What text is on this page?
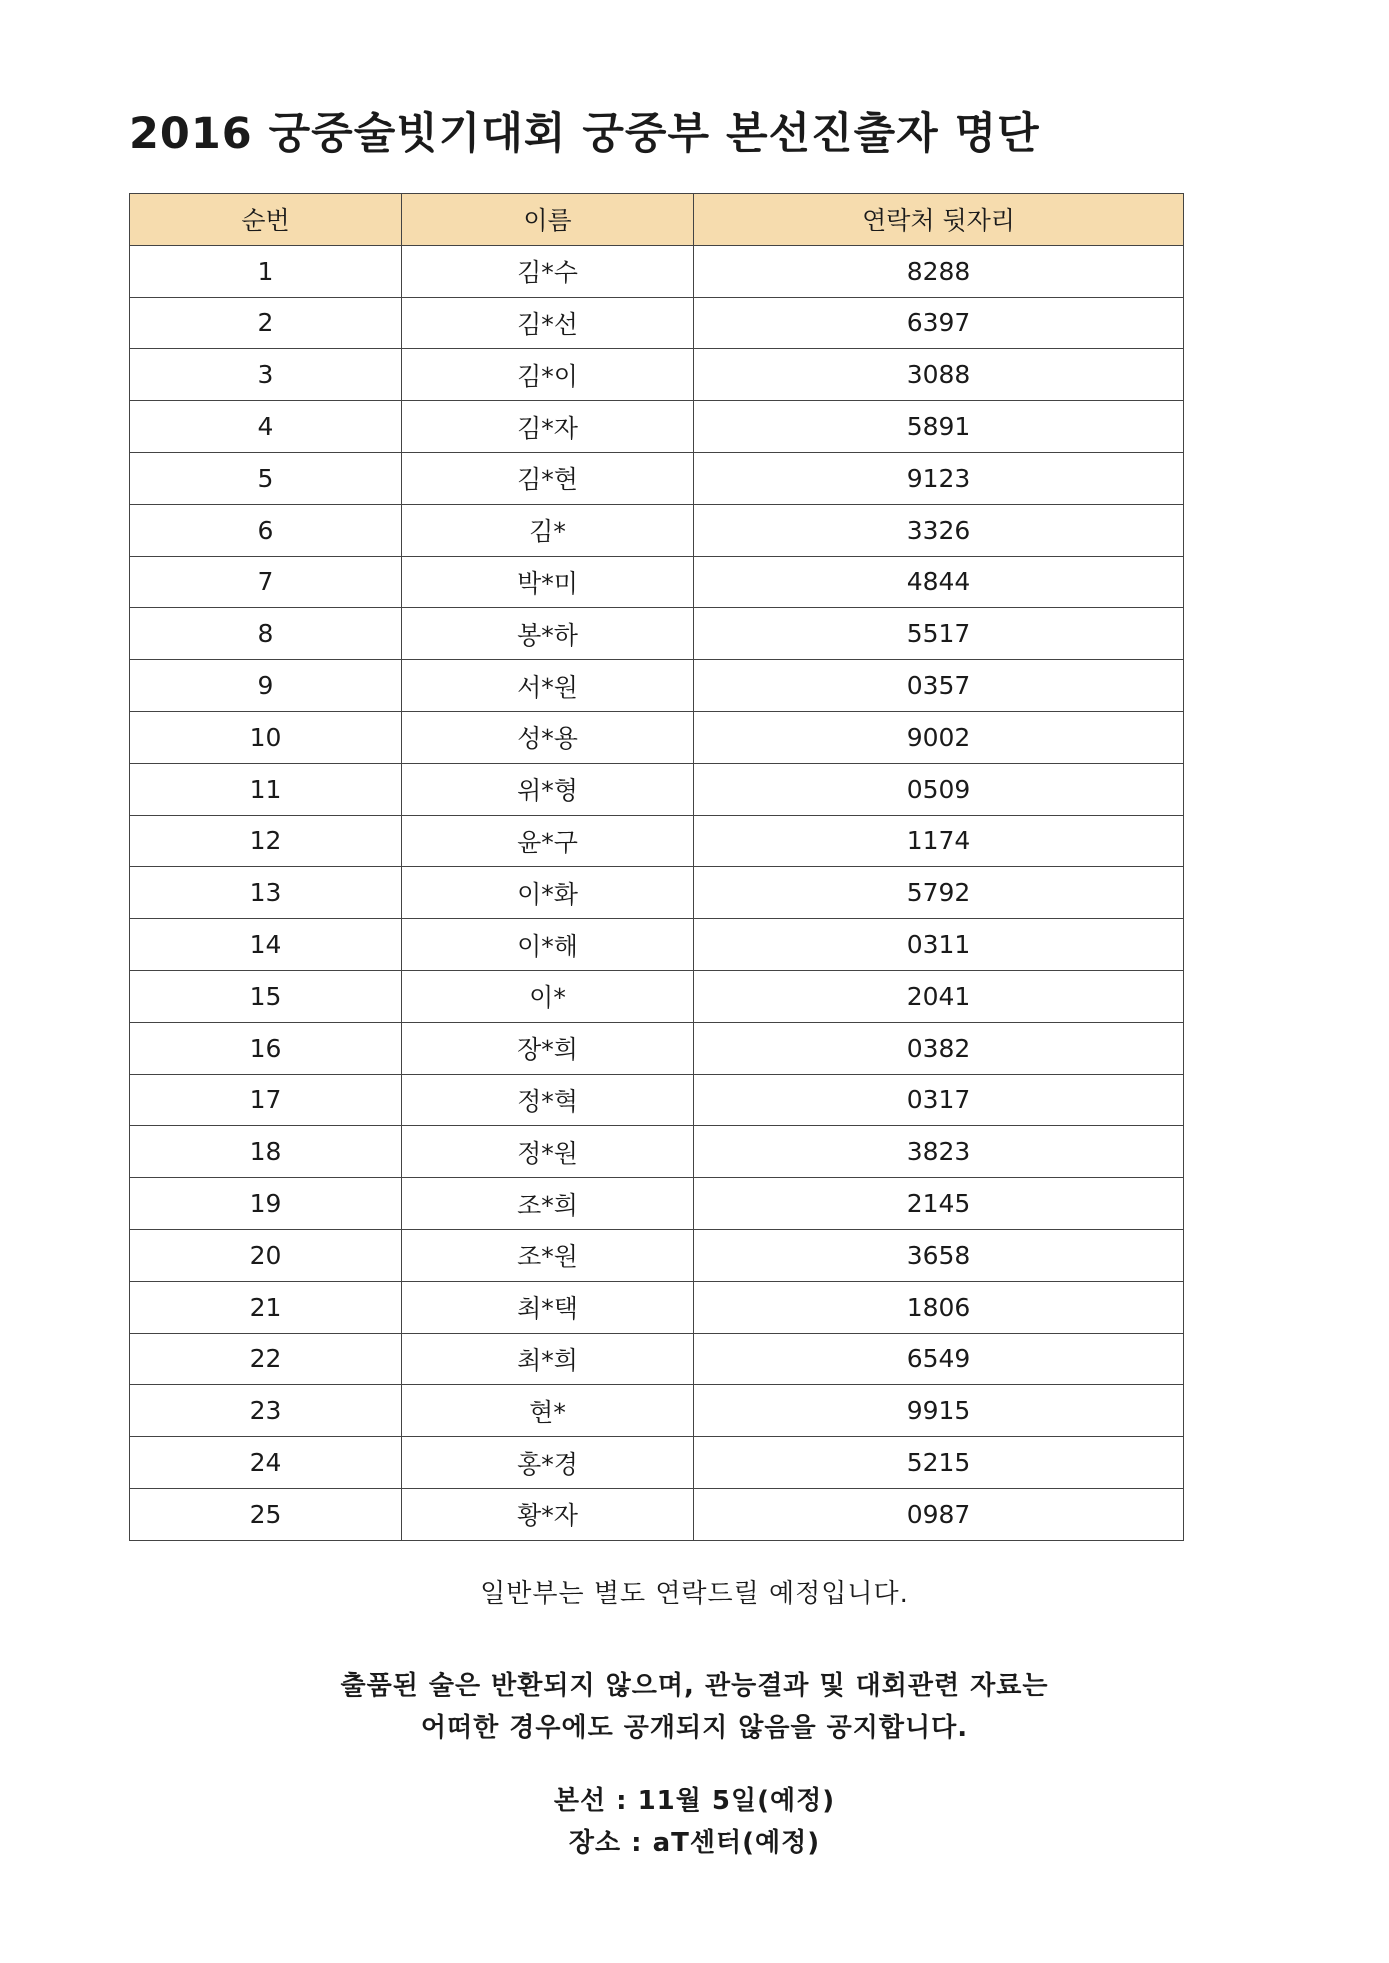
2016 궁중술빗기대회 궁중부 본선진출자 명단
순번	이름	연락처 뒷자리
1	김*수	8288
2	김*선	6397
3	김*이	3088
4	김*자	5891
5	김*현	9123
6	김*	3326
7	박*미	4844
8	봉*하	5517
9	서*원	0357
10	성*용	9002
11	위*형	0509
12	윤*구	1174
13	이*화	5792
14	이*해	0311
15	이*	2041
16	장*희	0382
17	정*혁	0317
18	정*원	3823
19	조*희	2145
20	조*원	3658
21	최*택	1806
22	최*희	6549
23	현*	9915
24	홍*경	5215
25	황*자	0987

일반부는 별도 연락드릴 예정입니다.

출품된 술은 반환되지 않으며, 관능결과 및 대회관련 자료는

어떠한 경우에도 공개되지 않음을 공지합니다.

본선 : 11월 5일(예정)

장소 : aT센터(예정)
